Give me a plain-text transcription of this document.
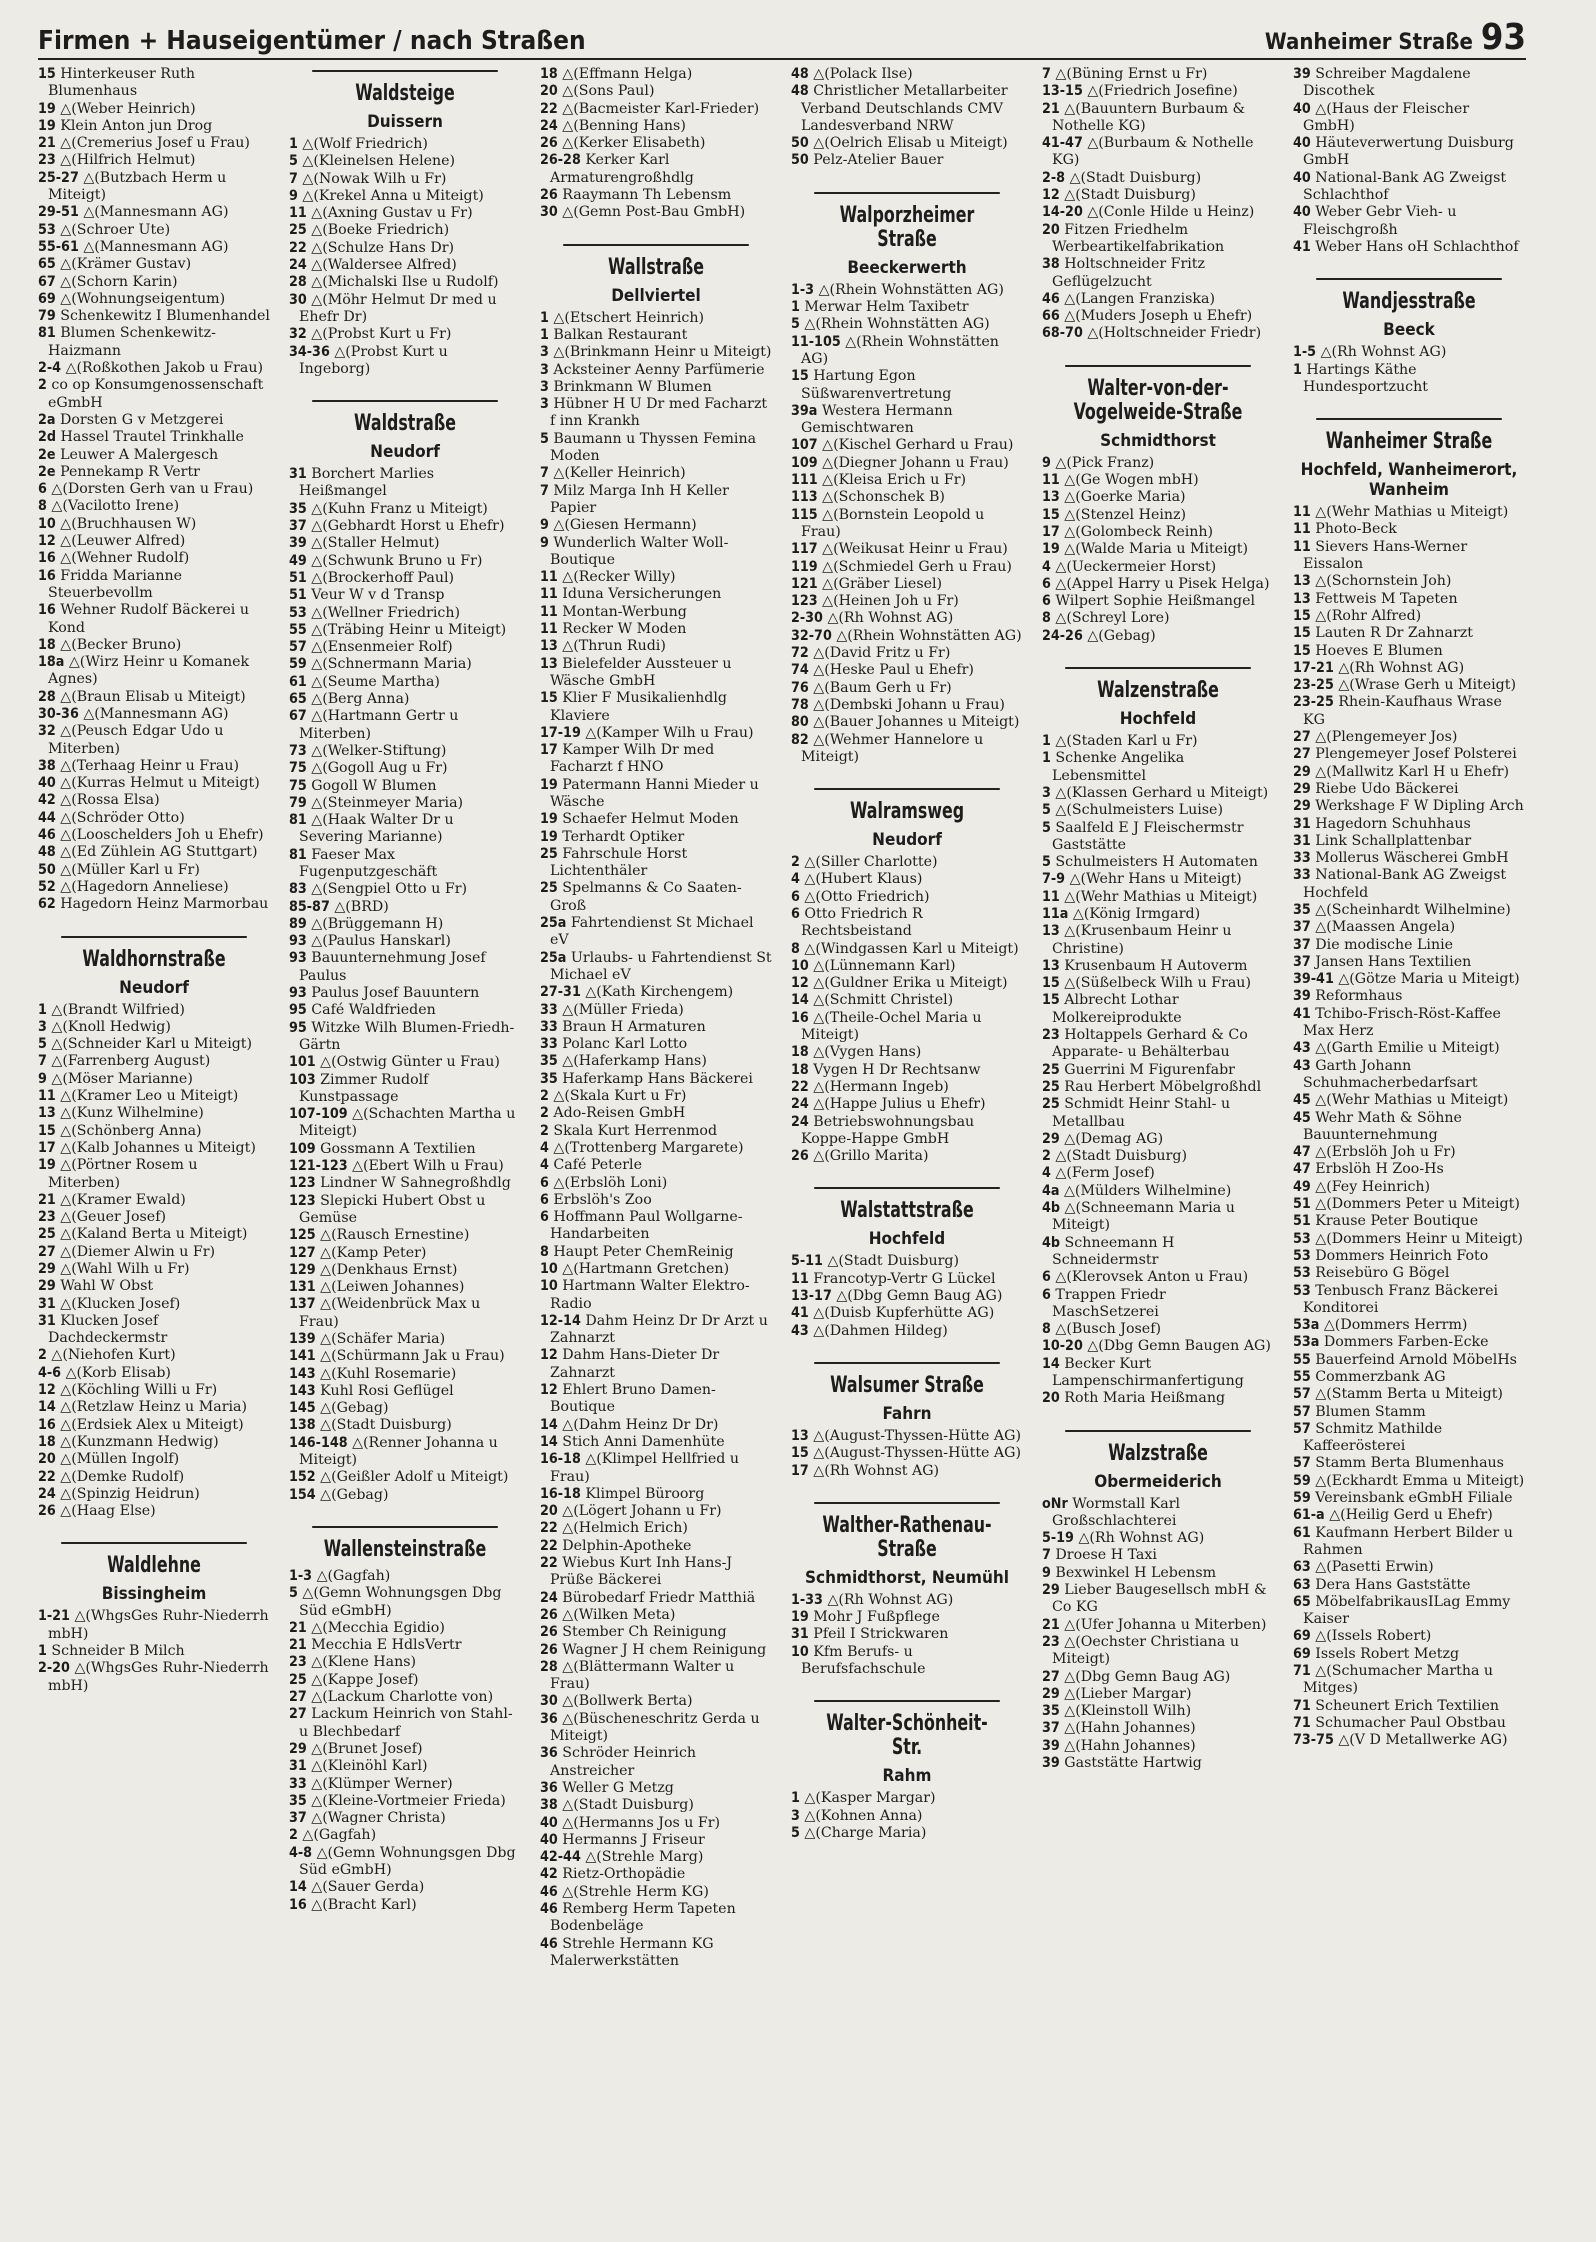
Firmen + Hauseigentümer / nach Straßen	Wanheimer Straße 93
15 Hinterkeuser Ruth Blumenhaus
19 △(Weber Heinrich)
19 Klein Anton jun Drog
21 △(Cremerius Josef u Frau)
23 △(Hilfrich Helmut)
25-27 △(Butzbach Herm u Miteigt)
29-51 △(Mannesmann AG)
53 △(Schroer Ute)
55-61 △(Mannesmann AG)
65 △(Krämer Gustav)
67 △(Schorn Karin)
69 △(Wohnungseigentum)
79 Schenkewitz I Blumenhandel
81 Blumen Schenkewitz-Haizmann
2-4 △(Roßkothen Jakob u Frau)
2 co op Konsumgenossenschaft eGmbH
2a Dorsten G v Metzgerei
2d Hassel Trautel Trinkhalle
2e Leuwer A Malergesch
2e Pennekamp R Vertr
6 △(Dorsten Gerh van u Frau)
8 △(Vacilotto Irene)
10 △(Bruchhausen W)
12 △(Leuwer Alfred)
16 △(Wehner Rudolf)
16 Fridda Marianne Steuerbevollm
16 Wehner Rudolf Bäckerei u Kond
18 △(Becker Bruno)
18a △(Wirz Heinr u Komanek Agnes)
28 △(Braun Elisab u Miteigt)
30-36 △(Mannesmann AG)
32 △(Peusch Edgar Udo u Miterben)
38 △(Terhaag Heinr u Frau)
40 △(Kurras Helmut u Miteigt)
42 △(Rossa Elsa)
44 △(Schröder Otto)
46 △(Looschelders Joh u Ehefr)
48 △(Ed Zühlein AG Stuttgart)
50 △(Müller Karl u Fr)
52 △(Hagedorn Anneliese)
62 Hagedorn Heinz Marmorbau
Waldhornstraße
Neudorf
1 △(Brandt Wilfried)
3 △(Knoll Hedwig)
5 △(Schneider Karl u Miteigt)
7 △(Farrenberg August)
9 △(Möser Marianne)
11 △(Kramer Leo u Miteigt)
13 △(Kunz Wilhelmine)
15 △(Schönberg Anna)
17 △(Kalb Johannes u Miteigt)
19 △(Pörtner Rosem u Miterben)
21 △(Kramer Ewald)
23 △(Geuer Josef)
25 △(Kaland Berta u Miteigt)
27 △(Diemer Alwin u Fr)
29 △(Wahl Wilh u Fr)
29 Wahl W Obst
31 △(Klucken Josef)
31 Klucken Josef Dachdeckermstr
2 △(Niehofen Kurt)
4-6 △(Korb Elisab)
12 △(Köchling Willi u Fr)
14 △(Retzlaw Heinz u Maria)
16 △(Erdsiek Alex u Miteigt)
18 △(Kunzmann Hedwig)
20 △(Müllen Ingolf)
22 △(Demke Rudolf)
24 △(Spinzig Heidrun)
26 △(Haag Else)
Waldlehne
Bissingheim
1-21 △(WhgsGes Ruhr-Niederrh mbH)
1 Schneider B Milch
2-20 △(WhgsGes Ruhr-Niederrh mbH)
Waldsteige
Duissern
1 △(Wolf Friedrich)
5 △(Kleinelsen Helene)
7 △(Nowak Wilh u Fr)
9 △(Krekel Anna u Miteigt)
11 △(Axning Gustav u Fr)
25 △(Boeke Friedrich)
22 △(Schulze Hans Dr)
24 △(Waldersee Alfred)
28 △(Michalski Ilse u Rudolf)
30 △(Möhr Helmut Dr med u Ehefr Dr)
32 △(Probst Kurt u Fr)
34-36 △(Probst Kurt u Ingeborg)
Waldstraße
Neudorf
31 Borchert Marlies Heißmangel
35 △(Kuhn Franz u Miteigt)
37 △(Gebhardt Horst u Ehefr)
39 △(Staller Helmut)
49 △(Schwunk Bruno u Fr)
51 △(Brockerhoff Paul)
51 Veur W v d Transp
53 △(Wellner Friedrich)
55 △(Träbing Heinr u Miteigt)
57 △(Ensenmeier Rolf)
59 △(Schnermann Maria)
61 △(Seume Martha)
65 △(Berg Anna)
67 △(Hartmann Gertr u Miterben)
73 △(Welker-Stiftung)
75 △(Gogoll Aug u Fr)
75 Gogoll W Blumen
79 △(Steinmeyer Maria)
81 △(Haak Walter Dr u Severing Marianne)
81 Faeser Max Fugenputzgeschäft
83 △(Sengpiel Otto u Fr)
85-87 △(BRD)
89 △(Brüggemann H)
93 △(Paulus Hanskarl)
93 Bauunternehmung Josef Paulus
93 Paulus Josef Bauuntern
95 Café Waldfrieden
95 Witzke Wilh Blumen-Friedh-Gärtn
101 △(Ostwig Günter u Frau)
103 Zimmer Rudolf Kunstpassage
107-109 △(Schachten Martha u Miteigt)
109 Gossmann A Textilien
121-123 △(Ebert Wilh u Frau)
123 Lindner W Sahnegroßhdlg
123 Slepicki Hubert Obst u Gemüse
125 △(Rausch Ernestine)
127 △(Kamp Peter)
129 △(Denkhaus Ernst)
131 △(Leiwen Johannes)
137 △(Weidenbrück Max u Frau)
139 △(Schäfer Maria)
141 △(Schürmann Jak u Frau)
143 △(Kuhl Rosemarie)
143 Kuhl Rosi Geflügel
145 △(Gebag)
138 △(Stadt Duisburg)
146-148 △(Renner Johanna u Miteigt)
152 △(Geißler Adolf u Miteigt)
154 △(Gebag)
Wallensteinstraße
1-3 △(Gagfah)
5 △(Gemn Wohnungsgen Dbg Süd eGmbH)
21 △(Mecchia Egidio)
21 Mecchia E HdlsVertr
23 △(Klene Hans)
25 △(Kappe Josef)
27 △(Lackum Charlotte von)
27 Lackum Heinrich von Stahl- u Blechbedarf
29 △(Brunet Josef)
31 △(Kleinöhl Karl)
33 △(Klümper Werner)
35 △(Kleine-Vortmeier Frieda)
37 △(Wagner Christa)
2 △(Gagfah)
4-8 △(Gemn Wohnungsgen Dbg Süd eGmbH)
14 △(Sauer Gerda)
16 △(Bracht Karl)
18 △(Effmann Helga)
20 △(Sons Paul)
22 △(Bacmeister Karl-Frieder)
24 △(Benning Hans)
26 △(Kerker Elisabeth)
26-28 Kerker Karl Armaturengroßhdlg
26 Raaymann Th Lebensm
30 △(Gemn Post-Bau GmbH)
Wallstraße
Dellviertel
1 △(Etschert Heinrich)
1 Balkan Restaurant
3 △(Brinkmann Heinr u Miteigt)
3 Acksteiner Aenny Parfümerie
3 Brinkmann W Blumen
3 Hübner H U Dr med Facharzt f inn Krankh
5 Baumann u Thyssen Femina Moden
7 △(Keller Heinrich)
7 Milz Marga Inh H Keller Papier
9 △(Giesen Hermann)
9 Wunderlich Walter Woll-Boutique
11 △(Recker Willy)
11 Iduna Versicherungen
11 Montan-Werbung
11 Recker W Moden
13 △(Thrun Rudi)
13 Bielefelder Aussteuer u Wäsche GmbH
15 Klier F Musikalienhdlg Klaviere
17-19 △(Kamper Wilh u Frau)
17 Kamper Wilh Dr med Facharzt f HNO
19 Patermann Hanni Mieder u Wäsche
19 Schaefer Helmut Moden
19 Terhardt Optiker
25 Fahrschule Horst Lichtenthäler
25 Spelmanns & Co Saaten-Groß
25a Fahrtendienst St Michael eV
25a Urlaubs- u Fahrtendienst St Michael eV
27-31 △(Kath Kirchengem)
33 △(Müller Frieda)
33 Braun H Armaturen
33 Polanc Karl Lotto
35 △(Haferkamp Hans)
35 Haferkamp Hans Bäckerei
2 △(Skala Kurt u Fr)
2 Ado-Reisen GmbH
2 Skala Kurt Herrenmod
4 △(Trottenberg Margarete)
4 Café Peterle
6 △(Erbslöh Loni)
6 Erbslöh's Zoo
6 Hoffmann Paul Wollgarne-Handarbeiten
8 Haupt Peter ChemReinig
10 △(Hartmann Gretchen)
10 Hartmann Walter Elektro-Radio
12-14 Dahm Heinz Dr Dr Arzt u Zahnarzt
12 Dahm Hans-Dieter Dr Zahnarzt
12 Ehlert Bruno Damen-Boutique
14 △(Dahm Heinz Dr Dr)
14 Stich Anni Damenhüte
16-18 △(Klimpel Hellfried u Frau)
16-18 Klimpel Büroorg
20 △(Lögert Johann u Fr)
22 △(Helmich Erich)
22 Delphin-Apotheke
22 Wiebus Kurt Inh Hans-J Prüße Bäckerei
24 Bürobedarf Friedr Matthiä
26 △(Wilken Meta)
26 Stember Ch Reinigung
26 Wagner J H chem Reinigung
28 △(Blättermann Walter u Frau)
30 △(Bollwerk Berta)
36 △(Büscheneschritz Gerda u Miteigt)
36 Schröder Heinrich Anstreicher
36 Weller G Metzg
38 △(Stadt Duisburg)
40 △(Hermanns Jos u Fr)
40 Hermanns J Friseur
42-44 △(Strehle Marg)
42 Rietz-Orthopädie
46 △(Strehle Herm KG)
46 Remberg Herm Tapeten Bodenbeläge
46 Strehle Hermann KG Malerwerkstätten
48 △(Polack Ilse)
48 Christlicher Metallarbeiter Verband Deutschlands CMV Landesverband NRW
50 △(Oelrich Elisab u Miteigt)
50 Pelz-Atelier Bauer
Walporzheimer Straße
Beeckerwerth
1-3 △(Rhein Wohnstätten AG)
1 Merwar Helm Taxibetr
5 △(Rhein Wohnstätten AG)
11-105 △(Rhein Wohnstätten AG)
15 Hartung Egon Süßwarenvertretung
39a Westera Hermann Gemischtwaren
107 △(Kischel Gerhard u Frau)
109 △(Diegner Johann u Frau)
111 △(Kleisa Erich u Fr)
113 △(Schonschek B)
115 △(Bornstein Leopold u Frau)
117 △(Weikusat Heinr u Frau)
119 △(Schmiedel Gerh u Frau)
121 △(Gräber Liesel)
123 △(Heinen Joh u Fr)
2-30 △(Rh Wohnst AG)
32-70 △(Rhein Wohnstätten AG)
72 △(David Fritz u Fr)
74 △(Heske Paul u Ehefr)
76 △(Baum Gerh u Fr)
78 △(Dembski Johann u Frau)
80 △(Bauer Johannes u Miteigt)
82 △(Wehmer Hannelore u Miteigt)
Walramsweg
Neudorf
2 △(Siller Charlotte)
4 △(Hubert Klaus)
6 △(Otto Friedrich)
6 Otto Friedrich R Rechtsbeistand
8 △(Windgassen Karl u Miteigt)
10 △(Lünnemann Karl)
12 △(Guldner Erika u Miteigt)
14 △(Schmitt Christel)
16 △(Theile-Ochel Maria u Miteigt)
18 △(Vygen Hans)
18 Vygen H Dr Rechtsanw
22 △(Hermann Ingeb)
24 △(Happe Julius u Ehefr)
24 Betriebswohnungsbau Koppe-Happe GmbH
26 △(Grillo Marita)
Walstattstraße
Hochfeld
5-11 △(Stadt Duisburg)
11 Francotyp-Vertr G Lückel
13-17 △(Dbg Gemn Baug AG)
41 △(Duisb Kupferhütte AG)
43 △(Dahmen Hildeg)
Walsumer Straße
Fahrn
13 △(August-Thyssen-Hütte AG)
15 △(August-Thyssen-Hütte AG)
17 △(Rh Wohnst AG)
Walther-Rathenau-Straße
Schmidthorst, Neumühl
1-33 △(Rh Wohnst AG)
19 Mohr J Fußpflege
31 Pfeil I Strickwaren
10 Kfm Berufs- u Berufsfachschule
Walter-Schönheit-Str.
Rahm
1 △(Kasper Margar)
3 △(Kohnen Anna)
5 △(Charge Maria)
7 △(Büning Ernst u Fr)
13-15 △(Friedrich Josefine)
21 △(Bauuntern Burbaum & Nothelle KG)
41-47 △(Burbaum & Nothelle KG)
2-8 △(Stadt Duisburg)
12 △(Stadt Duisburg)
14-20 △(Conle Hilde u Heinz)
20 Fitzen Friedhelm Werbeartikelfabrikation
38 Holtschneider Fritz Geflügelzucht
46 △(Langen Franziska)
66 △(Muders Joseph u Ehefr)
68-70 △(Holtschneider Friedr)
Walter-von-der-Vogelweide-Straße
Schmidthorst
9 △(Pick Franz)
11 △(Ge Wogen mbH)
13 △(Goerke Maria)
15 △(Stenzel Heinz)
17 △(Golombeck Reinh)
19 △(Walde Maria u Miteigt)
4 △(Ueckermeier Horst)
6 △(Appel Harry u Pisek Helga)
6 Wilpert Sophie Heißmangel
8 △(Schreyl Lore)
24-26 △(Gebag)
Walzenstraße
Hochfeld
1 △(Staden Karl u Fr)
1 Schenke Angelika Lebensmittel
3 △(Klassen Gerhard u Miteigt)
5 △(Schulmeisters Luise)
5 Saalfeld E J Fleischermstr Gaststätte
5 Schulmeisters H Automaten
7-9 △(Wehr Hans u Miteigt)
11 △(Wehr Mathias u Miteigt)
11a △(König Irmgard)
13 △(Krusenbaum Heinr u Christine)
13 Krusenbaum H Autoverm
15 △(Süßelbeck Wilh u Frau)
15 Albrecht Lothar Molkereiprodukte
23 Holtappels Gerhard & Co Apparate- u Behälterbau
25 Guerrini M Figurenfabr
25 Rau Herbert Möbelgroßhdl
25 Schmidt Heinr Stahl- u Metallbau
29 △(Demag AG)
2 △(Stadt Duisburg)
4 △(Ferm Josef)
4a △(Mülders Wilhelmine)
4b △(Schneemann Maria u Miteigt)
4b Schneemann H Schneidermstr
6 △(Klerovsek Anton u Frau)
6 Trappen Friedr MaschSetzerei
8 △(Busch Josef)
10-20 △(Dbg Gemn Baugen AG)
14 Becker Kurt Lampenschirmanfertigung
20 Roth Maria Heißmang
Walzstraße
Obermeiderich
oNr Wormstall Karl Großschlachterei
5-19 △(Rh Wohnst AG)
7 Droese H Taxi
9 Bexwinkel H Lebensm
29 Lieber Baugesellsch mbH & Co KG
21 △(Ufer Johanna u Miterben)
23 △(Oechster Christiana u Miteigt)
27 △(Dbg Gemn Baug AG)
29 △(Lieber Margar)
35 △(Kleinstoll Wilh)
37 △(Hahn Johannes)
39 △(Hahn Johannes)
39 Gaststätte Hartwig
39 Schreiber Magdalene Discothek
40 △(Haus der Fleischer GmbH)
40 Häuteverwertung Duisburg GmbH
40 National-Bank AG Zweigst Schlachthof
40 Weber Gebr Vieh- u Fleischgroßh
41 Weber Hans oH Schlachthof
Wandjesstraße
Beeck
1-5 △(Rh Wohnst AG)
1 Hartings Käthe Hundesportzucht
Wanheimer Straße
Hochfeld, Wanheimerort, Wanheim
11 △(Wehr Mathias u Miteigt)
11 Photo-Beck
11 Sievers Hans-Werner Eissalon
13 △(Schornstein Joh)
13 Fettweis M Tapeten
15 △(Rohr Alfred)
15 Lauten R Dr Zahnarzt
15 Hoeves E Blumen
17-21 △(Rh Wohnst AG)
23-25 △(Wrase Gerh u Miteigt)
23-25 Rhein-Kaufhaus Wrase KG
27 △(Plengemeyer Jos)
27 Plengemeyer Josef Polsterei
29 △(Mallwitz Karl H u Ehefr)
29 Riebe Udo Bäckerei
29 Werkshage F W Dipling Arch
31 Hagedorn Schuhhaus
31 Link Schallplattenbar
33 Mollerus Wäscherei GmbH
33 National-Bank AG Zweigst Hochfeld
35 △(Scheinhardt Wilhelmine)
37 △(Maassen Angela)
37 Die modische Linie
37 Jansen Hans Textilien
39-41 △(Götze Maria u Miteigt)
39 Reformhaus
41 Tchibo-Frisch-Röst-Kaffee Max Herz
43 △(Garth Emilie u Miteigt)
43 Garth Johann Schuhmacherbedarfsart
45 △(Wehr Mathias u Miteigt)
45 Wehr Math & Söhne Bauunternehmung
47 △(Erbslöh Joh u Fr)
47 Erbslöh H Zoo-Hs
49 △(Fey Heinrich)
51 △(Dommers Peter u Miteigt)
51 Krause Peter Boutique
53 △(Dommers Heinr u Miteigt)
53 Dommers Heinrich Foto
53 Reisebüro G Bögel
53 Tenbusch Franz Bäckerei Konditorei
53a △(Dommers Herrm)
53a Dommers Farben-Ecke
55 Bauerfeind Arnold MöbelHs
55 Commerzbank AG
57 △(Stamm Berta u Miteigt)
57 Blumen Stamm
57 Schmitz Mathilde Kaffeerösterei
57 Stamm Berta Blumenhaus
59 △(Eckhardt Emma u Miteigt)
59 Vereinsbank eGmbH Filiale
61-a △(Heilig Gerd u Ehefr)
61 Kaufmann Herbert Bilder u Rahmen
63 △(Pasetti Erwin)
63 Dera Hans Gaststätte
65 MöbelfabrikausILag Emmy Kaiser
69 △(Issels Robert)
69 Issels Robert Metzg
71 △(Schumacher Martha u Mitges)
71 Scheunert Erich Textilien
71 Schumacher Paul Obstbau
73-75 △(V D Metallwerke AG)
